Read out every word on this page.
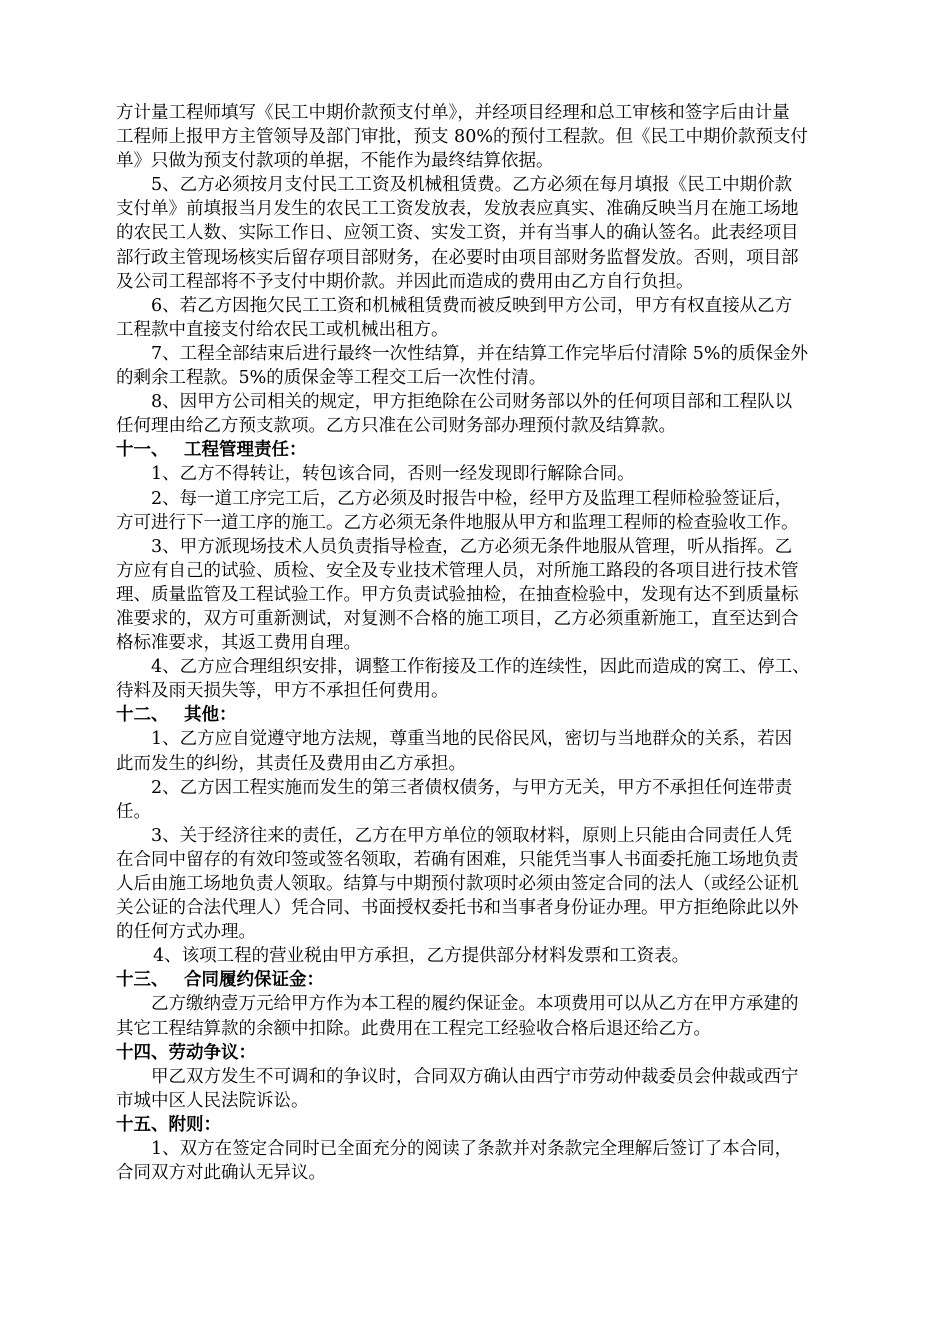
方计量工程师填写《民工中期价款预支付单》，并经项目经理和总工审核和签字后由计量
工程师上报甲方主管领导及部门审批，预支 80%的预付工程款。但《民工中期价款预支付
单》只做为预支付款项的单据，不能作为最终结算依据。
5、乙方必须按月支付民工工资及机械租赁费。乙方必须在每月填报《民工中期价款
支付单》前填报当月发生的农民工工资发放表，发放表应真实、准确反映当月在施工场地
的农民工人数、实际工作日、应领工资、实发工资，并有当事人的确认签名。此表经项目
部行政主管现场核实后留存项目部财务，在必要时由项目部财务监督发放。否则，项目部
及公司工程部将不予支付中期价款。并因此而造成的费用由乙方自行负担。
6、若乙方因拖欠民工工资和机械租赁费而被反映到甲方公司，甲方有权直接从乙方
工程款中直接支付给农民工或机械出租方。
7、工程全部结束后进行最终一次性结算，并在结算工作完毕后付清除 5%的质保金外
的剩余工程款。5%的质保金等工程交工后一次性付清。
8、因甲方公司相关的规定，甲方拒绝除在公司财务部以外的任何项目部和工程队以
任何理由给乙方预支款项。乙方只准在公司财务部办理预付款及结算款。
十一、 工程管理责任：
1、乙方不得转让，转包该合同，否则一经发现即行解除合同。
2、每一道工序完工后，乙方必须及时报告中检，经甲方及监理工程师检验签证后，
方可进行下一道工序的施工。乙方必须无条件地服从甲方和监理工程师的检查验收工作。
3、甲方派现场技术人员负责指导检查，乙方必须无条件地服从管理，听从指挥。乙
方应有自己的试验、质检、安全及专业技术管理人员，对所施工路段的各项目进行技术管
理、质量监管及工程试验工作。甲方负责试验抽检，在抽查检验中，发现有达不到质量标
准要求的，双方可重新测试，对复测不合格的施工项目，乙方必须重新施工，直至达到合
格标准要求，其返工费用自理。
4、乙方应合理组织安排，调整工作衔接及工作的连续性，因此而造成的窝工、停工、
待料及雨天损失等，甲方不承担任何费用。
十二、 其他：
1、乙方应自觉遵守地方法规，尊重当地的民俗民风，密切与当地群众的关系，若因
此而发生的纠纷，其责任及费用由乙方承担。
2、乙方因工程实施而发生的第三者债权债务，与甲方无关，甲方不承担任何连带责
任。
3、关于经济往来的责任，乙方在甲方单位的领取材料，原则上只能由合同责任人凭
在合同中留存的有效印签或签名领取，若确有困难，只能凭当事人书面委托施工场地负责
人后由施工场地负责人领取。结算与中期预付款项时必须由签定合同的法人（或经公证机
关公证的合法代理人）凭合同、书面授权委托书和当事者身份证办理。甲方拒绝除此以外
的任何方式办理。
4、该项工程的营业税由甲方承担，乙方提供部分材料发票和工资表。
十三、 合同履约保证金：
乙方缴纳壹万元给甲方作为本工程的履约保证金。本项费用可以从乙方在甲方承建的
其它工程结算款的余额中扣除。此费用在工程完工经验收合格后退还给乙方。
十四、劳动争议：
甲乙双方发生不可调和的争议时，合同双方确认由西宁市劳动仲裁委员会仲裁或西宁
市城中区人民法院诉讼。
十五、附则：
1、双方在签定合同时已全面充分的阅读了条款并对条款完全理解后签订了本合同，
合同双方对此确认无异议。
